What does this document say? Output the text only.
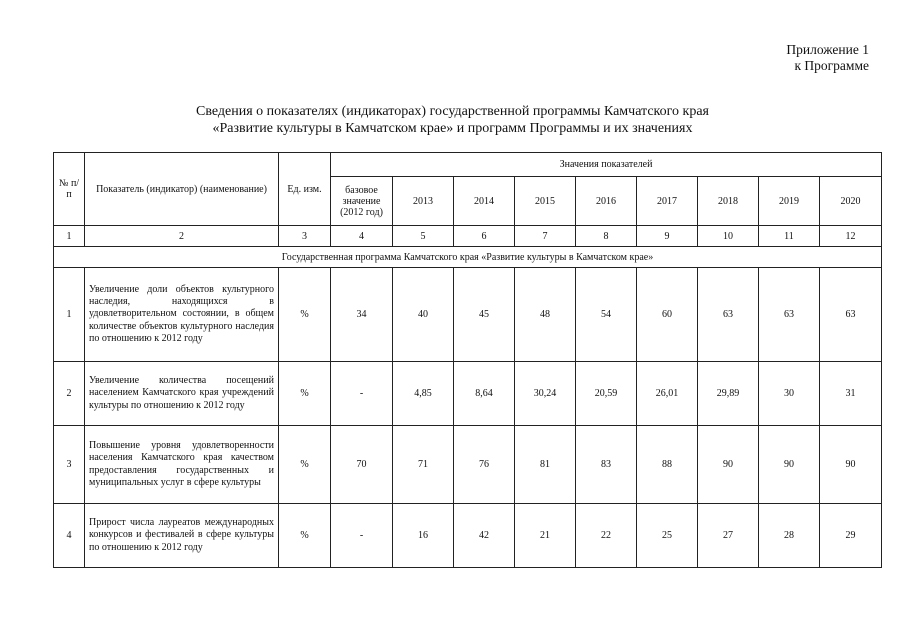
Приложение 1
к Программе
Сведения о показателях (индикаторах) государственной программы Камчатского края
«Развитие культуры в Камчатском крае» и программ Программы и их значениях
№ п/п	Показатель (индикатор) (наименование)	Ед. изм.	Значения показателей								
			базовое значение (2012 год)	2013	2014	2015	2016	2017	2018	2019	2020
1	2	3	4	5	6	7	8	9	10	11	12
Государственная программа Камчатского края «Развитие культуры в Камчатском крае»											
1	Увеличение доли объектов культурного наследия, находящихся в удовлетворительном состоянии, в общем количестве объектов культурного наследия по отношению к 2012 году	%	34	40	45	48	54	60	63	63	63
2	Увеличение количества посещений населением Камчатского края учреждений культуры по отношению к 2012 году	%	-	4,85	8,64	30,24	20,59	26,01	29,89	30	31
3	Повышение уровня удовлетворенности населения Камчатского края качеством предоставления государственных и муниципальных услуг в сфере культуры	%	70	71	76	81	83	88	90	90	90
4	Прирост числа лауреатов международных конкурсов и фестивалей в сфере культуры по отношению к 2012 году	%	-	16	42	21	22	25	27	28	29
